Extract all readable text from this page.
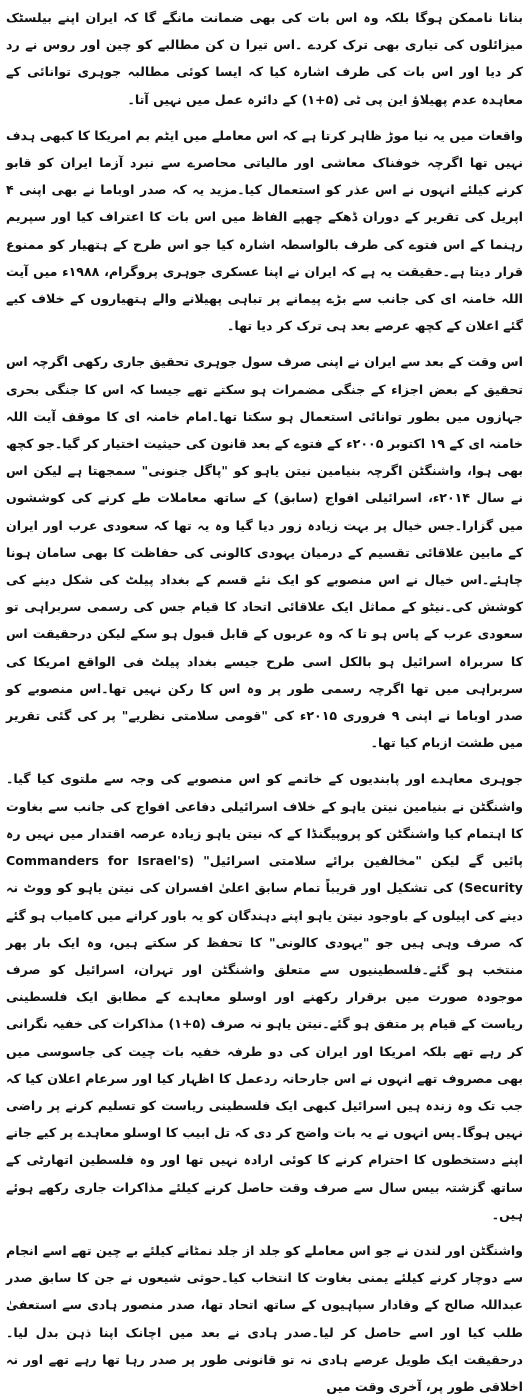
بنانا ناممکن ہوگا بلکہ وہ اس بات کی بھی ضمانت مانگے گا کہ ایران اپنے بیلسٹک میزائلوں کی تیاری بھی ترک کردے ۔اس تیرا ن کن مطالبے کو چین اور روس نے رد کر دیا اور اس بات کی طرف اشارہ کیا کہ ایسا کوئی مطالبہ جوہری توانائی کے معاہدہ عدم پھیلاؤ این پی ٹی (۵+۱) کے دائرہ عمل میں نہیں آتا۔

واقعات میں یہ نیا موڑ ظاہر کرتا ہے کہ اس معاملے میں ایٹم بم امریکا کا کبھی ہدف نہیں تھا اگرچہ خوفناک معاشی اور مالیاتی محاصرے سے نبرد آزما ایران کو قابو کرنے کیلئے انہوں نے اس عذر کو استعمال کیا۔مزید یہ کہ صدر اوباما نے بھی اپنی ۴ اپریل کی تقریر کے دوران ڈھکے چھپے الفاظ میں اس بات کا اعتراف کیا اور سپریم رہنما کے اس فتوے کی طرف بالواسطہ اشارہ کیا جو اس طرح کے ہتھیار کو ممنوع قرار دیتا ہے۔حقیقت یہ ہے کہ ایران نے اپنا عسکری جوہری پروگرام، ۱۹۸۸ء میں آیت اللہ خامنہ ای کی جانب سے بڑے پیمانے پر تباہی پھیلانے والے ہتھیاروں کے خلاف کیے گئے اعلان کے کچھ عرصے بعد ہی ترک کر دیا تھا۔

اس وقت کے بعد سے ایران نے اپنی صرف سول جوہری تحقیق جاری رکھی اگرچہ اس تحقیق کے بعض اجزاء کے جنگی مضمرات ہو سکتے تھے جیسا کہ اس کا جنگی بحری جہازوں میں بطور توانائی استعمال ہو سکتا تھا۔امام خامنہ ای کا موقف آیت اللہ خامنہ ای کے ۱۹ اکتوبر ۲۰۰۵ء کے فتوے کے بعد قانون کی حیثیت اختیار کر گیا۔جو کچھ بھی ہوا، واشنگٹن اگرچہ بنیامین نیتن یاہو کو "پاگل جنونی" سمجھتا ہے لیکن اس نے سال ۲۰۱۴ء، اسرائیلی افواج (سابق) کے ساتھ معاملات طے کرنے کی کوششوں میں گزارا۔جس خیال پر بہت زیادہ زور دیا گیا وہ یہ تھا کہ سعودی عرب اور ایران کے مابین علاقائی تقسیم کے درمیان یہودی کالونی کی حفاظت کا بھی سامان ہونا چاہئے۔اس خیال نے اس منصوبے کو ایک نئے قسم کے بغداد پیلٹ کی شکل دینے کی کوشش کی۔نیٹو کے مماثل ایک علاقائی اتحاد کا قیام جس کی رسمی سربراہی تو سعودی عرب کے پاس ہو تا کہ وہ عربوں کے قابل قبول ہو سکے لیکن درحقیقت اس کا سربراہ اسرائیل ہو بالکل اسی طرح جیسے بغداد پیلٹ فی الواقع امریکا کی سربراہی میں تھا اگرچہ رسمی طور پر وہ اس کا رکن نہیں تھا۔اس منصوبے کو صدر اوباما نے اپنی ۹ فروری ۲۰۱۵ء کی "قومی سلامتی نظریے" پر کی گئی تقریر میں طشت ازبام کیا تھا۔

جوہری معاہدے اور پابندیوں کے خاتمے کو اس منصوبے کی وجہ سے ملتوی کیا گیا۔واشنگٹن نے بنیامین نیتن یاہو کے خلاف اسرائیلی دفاعی افواج کی جانب سے بغاوت کا اہتمام کیا واشنگٹن کو پروپیگنڈا کے کہ نیتن یاہو زیادہ عرصہ اقتدار میں نہیں رہ پائیں گے لیکن "مخالفین برائے سلامتی اسرائیل" (Commanders for Israel's Security) کی تشکیل اور قریباً تمام سابق اعلیٰ افسران کی نیتن یاہو کو ووٹ نہ دینے کی اپیلوں کے باوجود نیتن یاہو اپنے دہندگان کو یہ باور کرانے میں کامیاب ہو گئے کہ صرف وہی ہیں جو "یہودی کالونی" کا تحفظ کر سکتے ہیں، وہ ایک بار پھر منتخب ہو گئے۔فلسطینیوں سے متعلق واشنگٹن اور تہران، اسرائیل کو صرف موجودہ صورت میں برقرار رکھنے اور اوسلو معاہدے کے مطابق ایک فلسطینی ریاست کے قیام پر متفق ہو گئے۔نیتن یاہو نہ صرف (۵+۱) مذاکرات کی خفیہ نگرانی کر رہے تھے بلکہ امریکا اور ایران کی دو طرفہ خفیہ بات چیت کی جاسوسی میں بھی مصروف تھے انہوں نے اس جارحانہ ردعمل کا اظہار کیا اور سرعام اعلان کیا کہ جب تک وہ زندہ ہیں اسرائیل کبھی ایک فلسطینی ریاست کو تسلیم کرنے پر راضی نہیں ہوگا۔پس انہوں نے یہ بات واضح کر دی کہ تل ابیب کا اوسلو معاہدے پر کیے جانے اپنے دستخطوں کا احترام کرنے کا کوئی ارادہ نہیں تھا اور وہ فلسطین اتھارٹی کے ساتھ گزشتہ بیس سال سے صرف وقت حاصل کرنے کیلئے مذاکرات جاری رکھے ہوئے ہیں۔

واشنگٹن اور لندن نے جو اس معاملے کو جلد از جلد نمٹانے کیلئے بے چین تھے اسے انجام سے دوچار کرنے کیلئے یمنی بغاوت کا انتخاب کیا۔حوثی شیعوں نے جن کا سابق صدر عبداللہ صالح کے وفادار سپاہیوں کے ساتھ اتحاد تھا، صدر منصور ہادی سے استعفیٰ طلب کیا اور اسے حاصل کر لیا۔صدر ہادی نے بعد میں اچانک اپنا ذہن بدل لیا۔درحقیقت ایک طویل عرصے ہادی نہ تو قانونی طور پر صدر رہا تھا رہے تھے اور نہ اخلاقی طور پر، آخری وقت میں
